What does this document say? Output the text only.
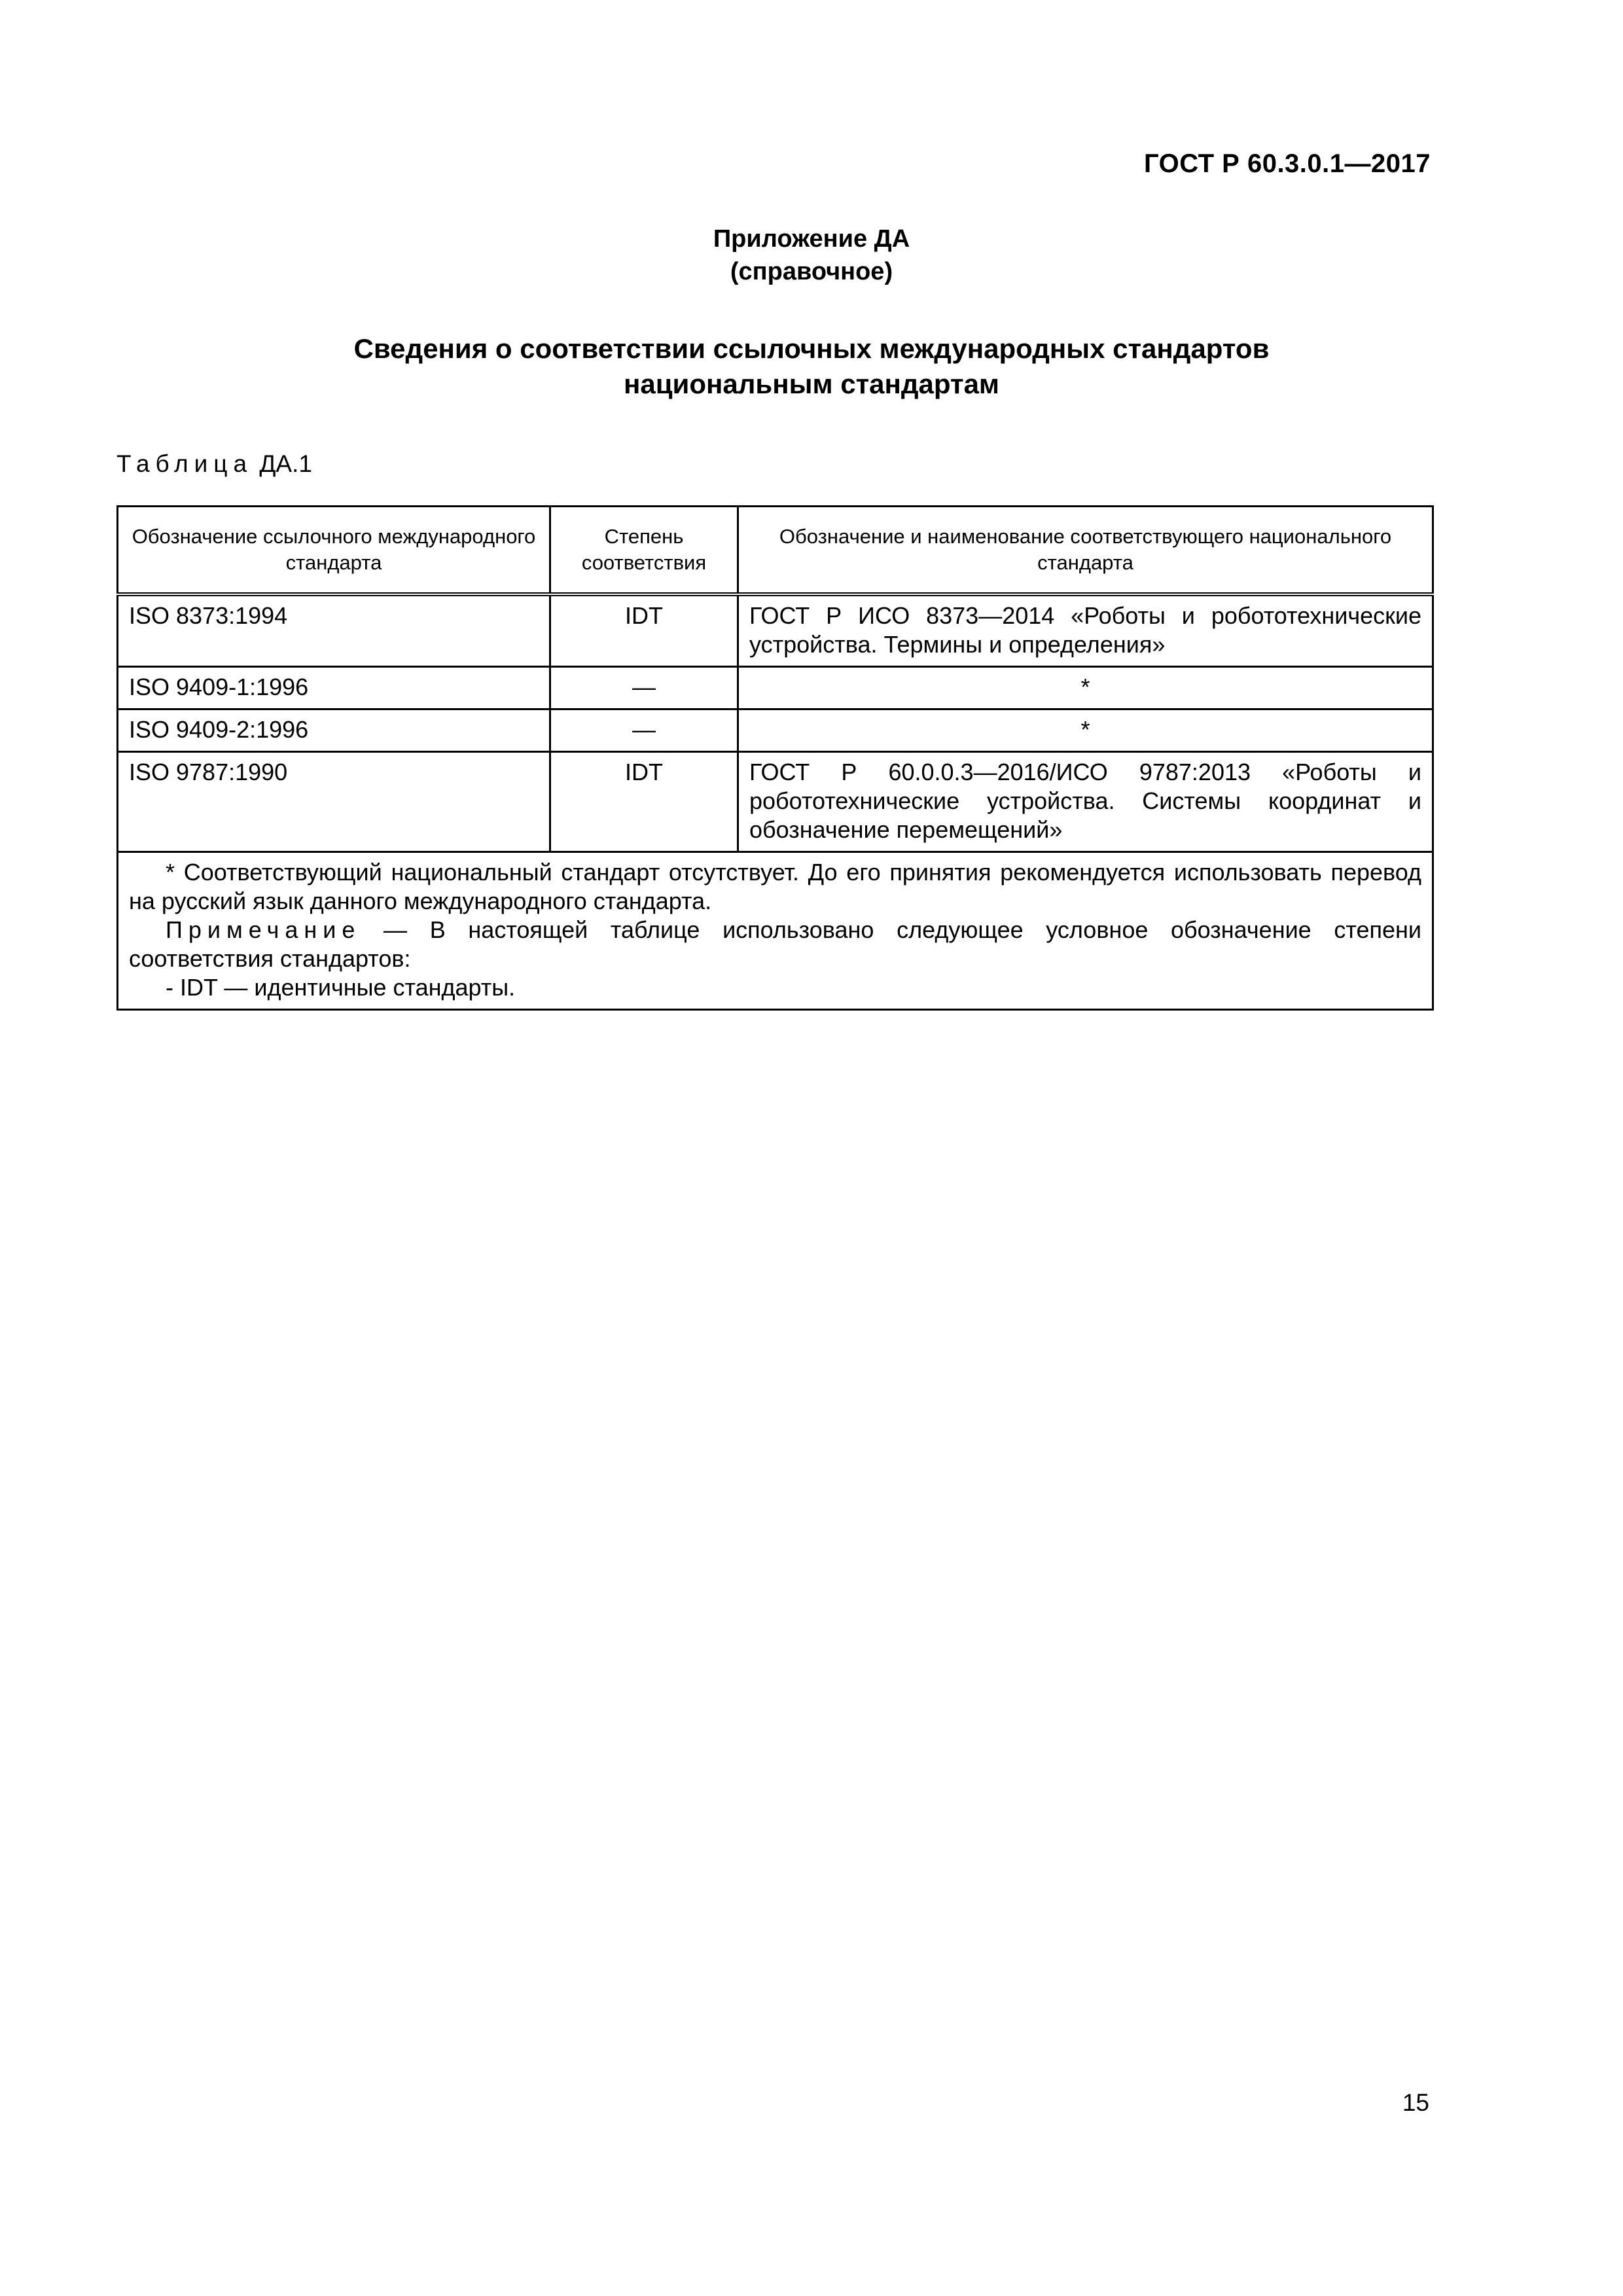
ГОСТ Р 60.3.0.1—2017
Приложение ДА
(справочное)
Сведения о соответствии ссылочных международных стандартов
национальным стандартам
Таблица ДА.1
Обозначение ссылочного международного стандарта	Степень соответствия	Обозначение и наименование соответствующего национального стандарта
ISO 8373:1994	IDT	ГОСТ Р ИСО 8373—2014 «Роботы и робототехнические устройства. Термины и определения»
ISO 9409-1:1996	—	*
ISO 9409-2:1996	—	*
ISO 9787:1990	IDT	ГОСТ Р 60.0.0.3—2016/ИСО 9787:2013 «Роботы и робототехнические устройства. Системы координат и обозначение перемещений»

* Соответствующий национальный стандарт отсутствует. До его принятия рекомендуется использовать перевод на русский язык данного международного стандарта.

Примечание — В настоящей таблице использовано следующее условное обозначение степени соответствия стандартов:

- IDT — идентичные стандарты.		

15
